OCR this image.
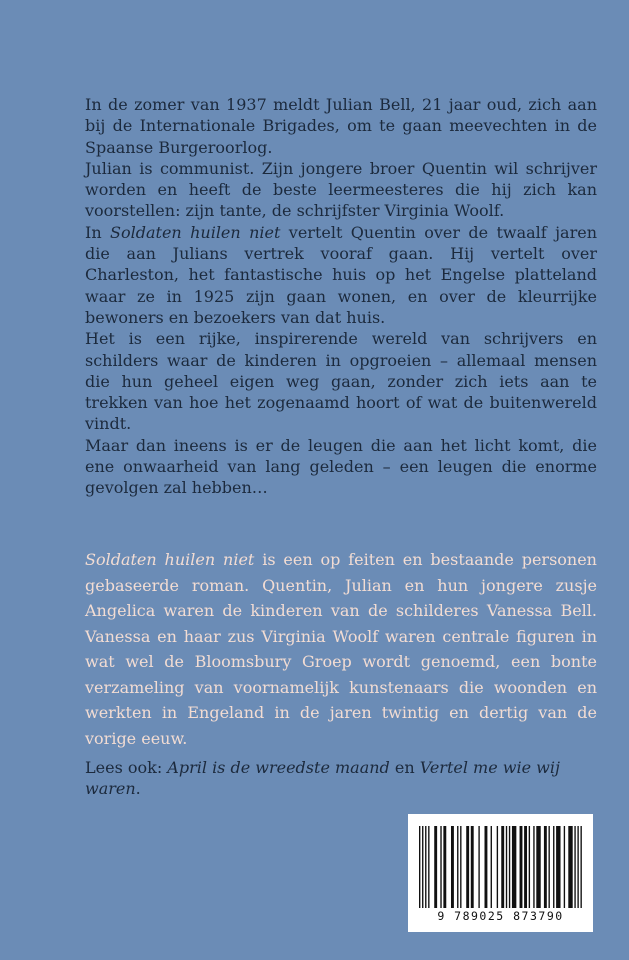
In de zomer van 1937 meldt Julian Bell, 21 jaar oud, zich aan bij de Internationale Brigades, om te gaan meevechten in de Spaanse Burgeroorlog.

Julian is communist. Zijn jongere broer Quentin wil schrijver worden en heeft de beste leermeesteres die hij zich kan voorstellen: zijn tante, de schrijfster Virginia Woolf.

In Soldaten huilen niet vertelt Quentin over de twaalf jaren die aan Julians vertrek vooraf gaan. Hij vertelt over Charleston, het fantastische huis op het Engelse platteland waar ze in 1925 zijn gaan wonen, en over de kleurrijke bewoners en bezoekers van dat huis.

Het is een rijke, inspirerende wereld van schrijvers en schilders waar de kinderen in opgroeien – allemaal mensen die hun geheel eigen weg gaan, zonder zich iets aan te trekken van hoe het zogenaamd hoort of wat de buitenwereld vindt.

Maar dan ineens is er de leugen die aan het licht komt, die ene onwaarheid van lang geleden – een leugen die enorme gevolgen zal hebben…

Soldaten huilen niet is een op feiten en bestaande personen gebaseerde roman. Quentin, Julian en hun jongere zusje Angelica waren de kinderen van de schilderes Vanessa Bell. Vanessa en haar zus Virginia Woolf waren centrale figuren in wat wel de Bloomsbury Groep wordt genoemd, een bonte verzameling van voornamelijk kunstenaars die woonden en werkten in Engeland in de jaren twintig en dertig van de vorige eeuw.

Lees ook: April is de wreedste maand en Vertel me wie wij waren.
9 789025 873790
